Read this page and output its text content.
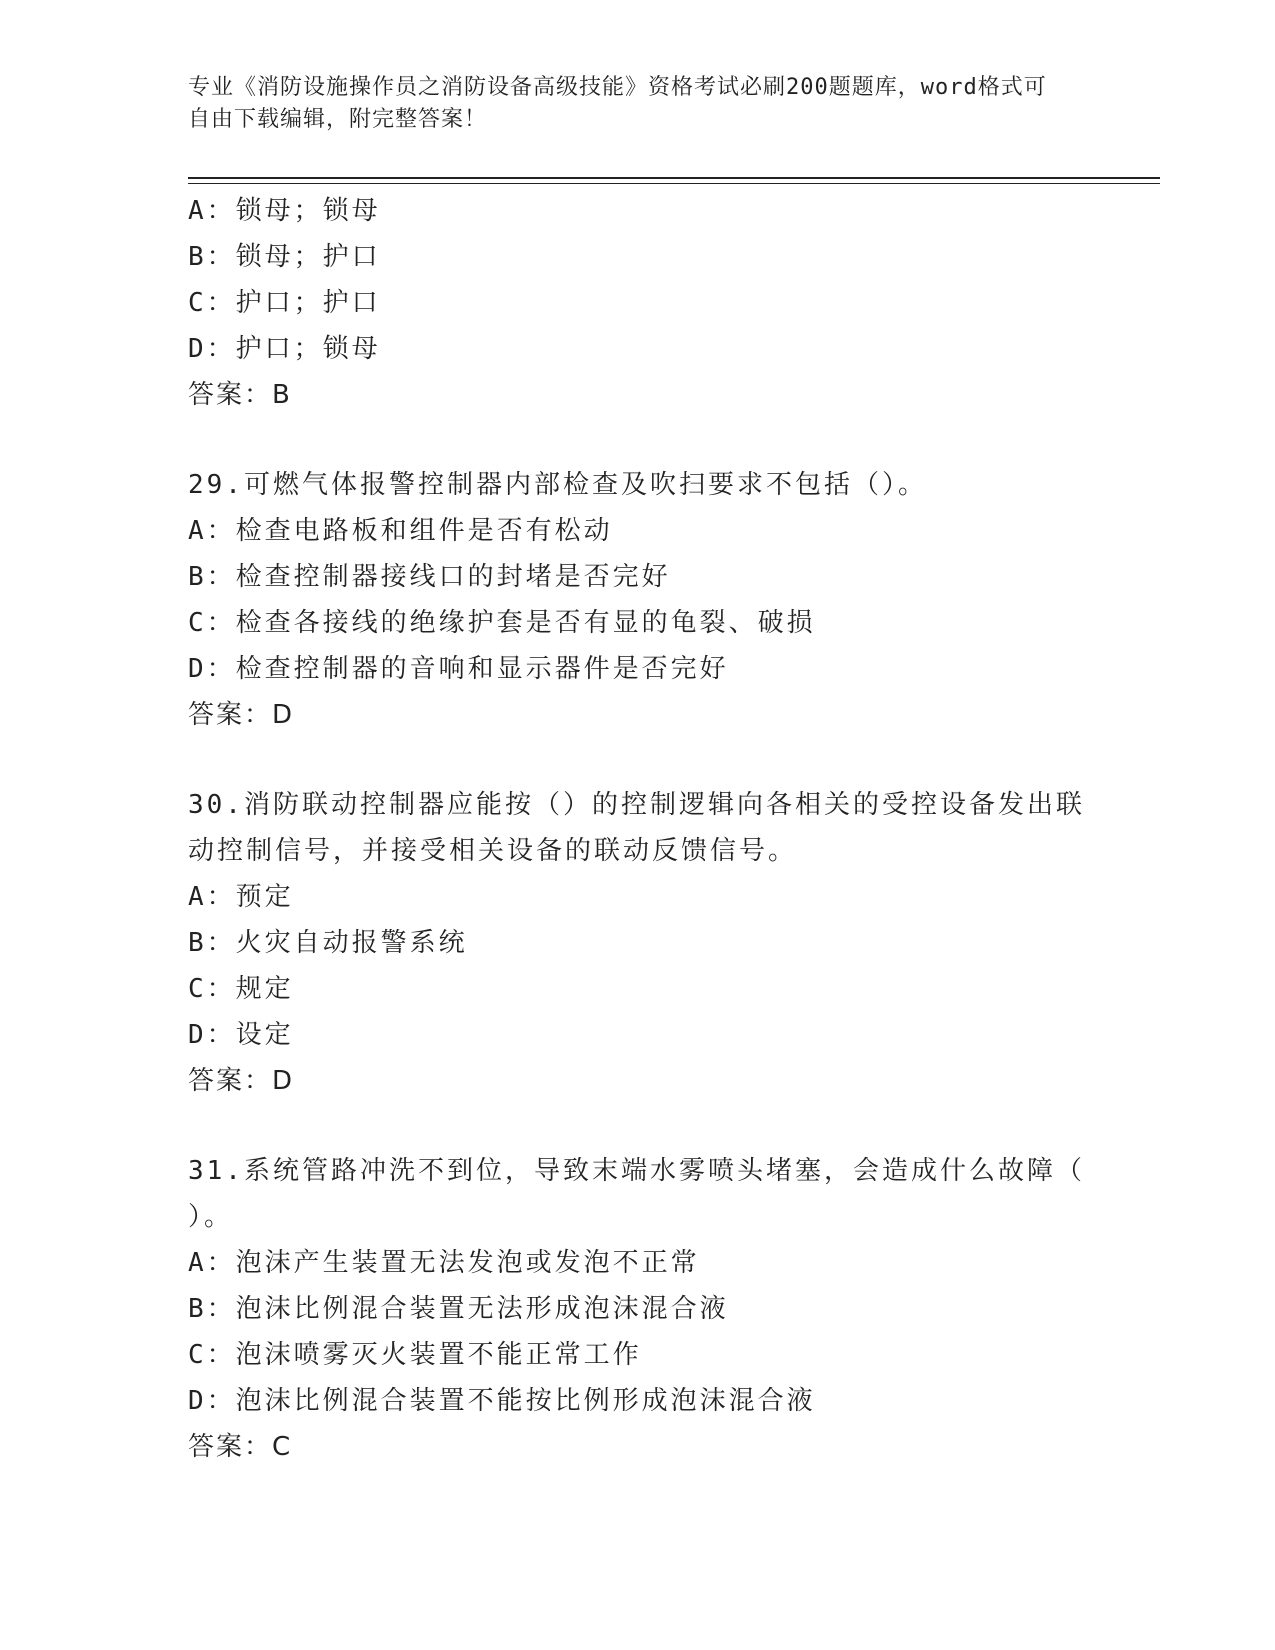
专业《消防设施操作员之消防设备高级技能》资格考试必刷200题题库，word格式可自由下载编辑，附完整答案！
A：锁母；锁母
B：锁母；护口
C：护口；护口
D：护口；锁母
答案：B
29.可燃气体报警控制器内部检查及吹扫要求不包括（）。
A：检查电路板和组件是否有松动
B：检查控制器接线口的封堵是否完好
C：检查各接线的绝缘护套是否有显的龟裂、破损
D：检查控制器的音响和显示器件是否完好
答案：D
30.消防联动控制器应能按（）的控制逻辑向各相关的受控设备发出联
动控制信号，并接受相关设备的联动反馈信号。
A：预定
B：火灾自动报警系统
C：规定
D：设定
答案：D
31.系统管路冲洗不到位，导致末端水雾喷头堵塞，会造成什么故障（
）。
A：泡沫产生装置无法发泡或发泡不正常
B：泡沫比例混合装置无法形成泡沫混合液
C：泡沫喷雾灭火装置不能正常工作
D：泡沫比例混合装置不能按比例形成泡沫混合液
答案：C
